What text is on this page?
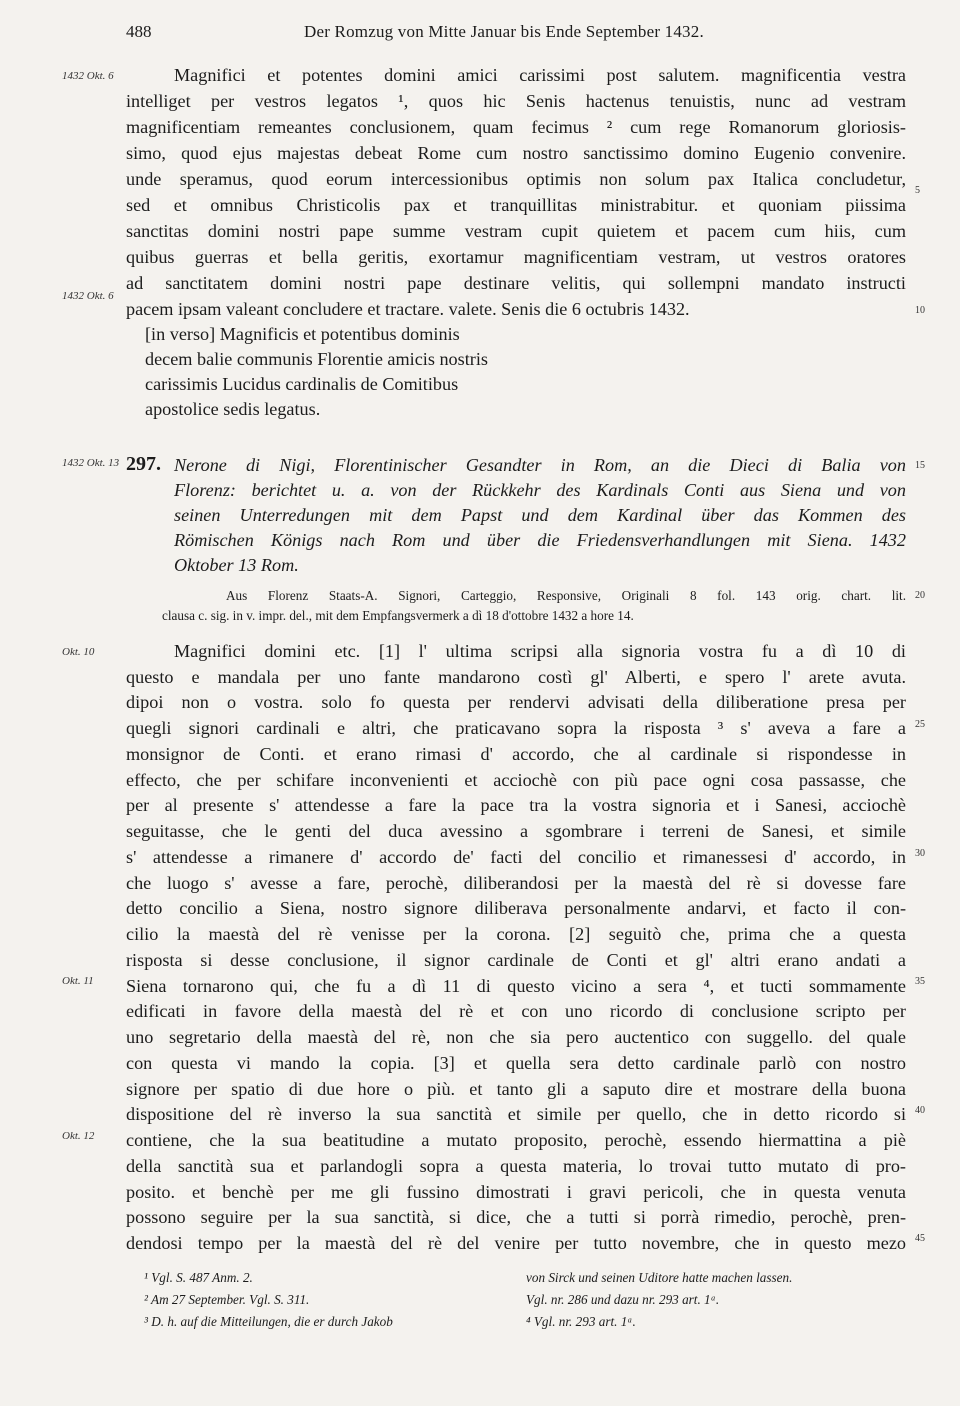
488	Der Romzug von Mitte Januar bis Ende September 1432.
1432 Okt. 6
1432 Okt. 6
1432 Okt. 13
Okt. 10
Okt. 11
Okt. 12
5
10
15
20
25
30
35
40
45
Magnifici et potentes domini amici carissimi post salutem. magnificentia vestra
intelliget per vestros legatos ¹, quos hic Senis hactenus tenuistis, nunc ad vestram
magnificentiam remeantes conclusionem, quam fecimus ² cum rege Romanorum gloriosis-
simo, quod ejus majestas debeat Rome cum nostro sanctissimo domino Eugenio convenire.
unde speramus, quod eorum intercessionibus optimis non solum pax Italica concludetur,
sed et omnibus Christicolis pax et tranquillitas ministrabitur. et quoniam piissima
sanctitas domini nostri pape summe vestram cupit quietem et pacem cum hiis, cum
quibus guerras et bella geritis, exortamur magnificentiam vestram, ut vestros oratores
ad sanctitatem domini nostri pape destinare velitis, qui sollempni mandato instructi
pacem ipsam valeant concludere et tractare. valete. Senis die 6 octubris 1432.
[in verso] Magnificis et potentibus dominis
decem balie communis Florentie amicis nostris
carissimis Lucidus cardinalis de Comitibus
apostolice sedis legatus.
297. Nerone di Nigi, Florentinischer Gesandter in Rom, an die Dieci di Balia von
Florenz: berichtet u. a. von der Rückkehr des Kardinals Conti aus Siena und von
seinen Unterredungen mit dem Papst und dem Kardinal über das Kommen des
Römischen Königs nach Rom und über die Friedensverhandlungen mit Siena. 1432
Oktober 13 Rom.
Aus Florenz Staats-A. Signori, Carteggio, Responsive, Originali 8 fol. 143 orig. chart. lit.
clausa c. sig. in v. impr. del., mit dem Empfangsvermerk a dì 18 d'ottobre 1432 a hore 14.
Magnifici domini etc. [1] l' ultima scripsi alla signoria vostra fu a dì 10 di
questo e mandala per uno fante mandarono costì gl' Alberti, e spero l' arete avuta.
dipoi non o vostra. solo fo questa per rendervi advisati della diliberatione presa per
quegli signori cardinali e altri, che praticavano sopra la risposta ³ s' aveva a fare a
monsignor de Conti. et erano rimasi d' accordo, che al cardinale si rispondesse in
effecto, che per schifare inconvenienti et acciochè con più pace ogni cosa passasse, che
per al presente s' attendesse a fare la pace tra la vostra signoria et i Sanesi, acciochè
seguitasse, che le genti del duca avessino a sgombrare i terreni de Sanesi, et simile
s' attendesse a rimanere d' accordo de' facti del concilio et rimanessesi d' accordo, in
che luogo s' avesse a fare, perochè, diliberandosi per la maestà del rè si dovesse fare
detto concilio a Siena, nostro signore diliberava personalmente andarvi, et facto il con-
cilio la maestà del rè venisse per la corona. [2] seguitò che, prima che a questa
risposta si desse conclusione, il signor cardinale de Conti et gl' altri erano andati a
Siena tornarono qui, che fu a dì 11 di questo vicino a sera ⁴, et tucti sommamente
edificati in favore della maestà del rè et con uno ricordo di conclusione scripto per
uno segretario della maestà del rè, non che sia pero auctentico con suggello. del quale
con questa vi mando la copia. [3] et quella sera detto cardinale parlò con nostro
signore per spatio di due hore o più. et tanto gli a saputo dire et mostrare della buona
dispositione del rè inverso la sua sanctità et simile per quello, che in detto ricordo si
contiene, che la sua beatitudine a mutato proposito, perochè, essendo hiermattina a piè
della sanctità sua et parlandogli sopra a questa materia, lo trovai tutto mutato di pro-
posito. et benchè per me gli fussino dimostrati i gravi pericoli, che in questa venuta
possono seguire per la sua sanctità, si dice, che a tutti si porrà rimedio, perochè, pren-
dendosi tempo per la maestà del rè del venire per tutto novembre, che in questo mezo
¹ Vgl. S. 487 Anm. 2.
² Am 27 September. Vgl. S. 311.
³ D. h. auf die Mitteilungen, die er durch Jakob
von Sirck und seinen Uditore hatte machen lassen.
Vgl. nr. 286 und dazu nr. 293 art. 1ᵃ.
⁴ Vgl. nr. 293 art. 1ᵃ.
